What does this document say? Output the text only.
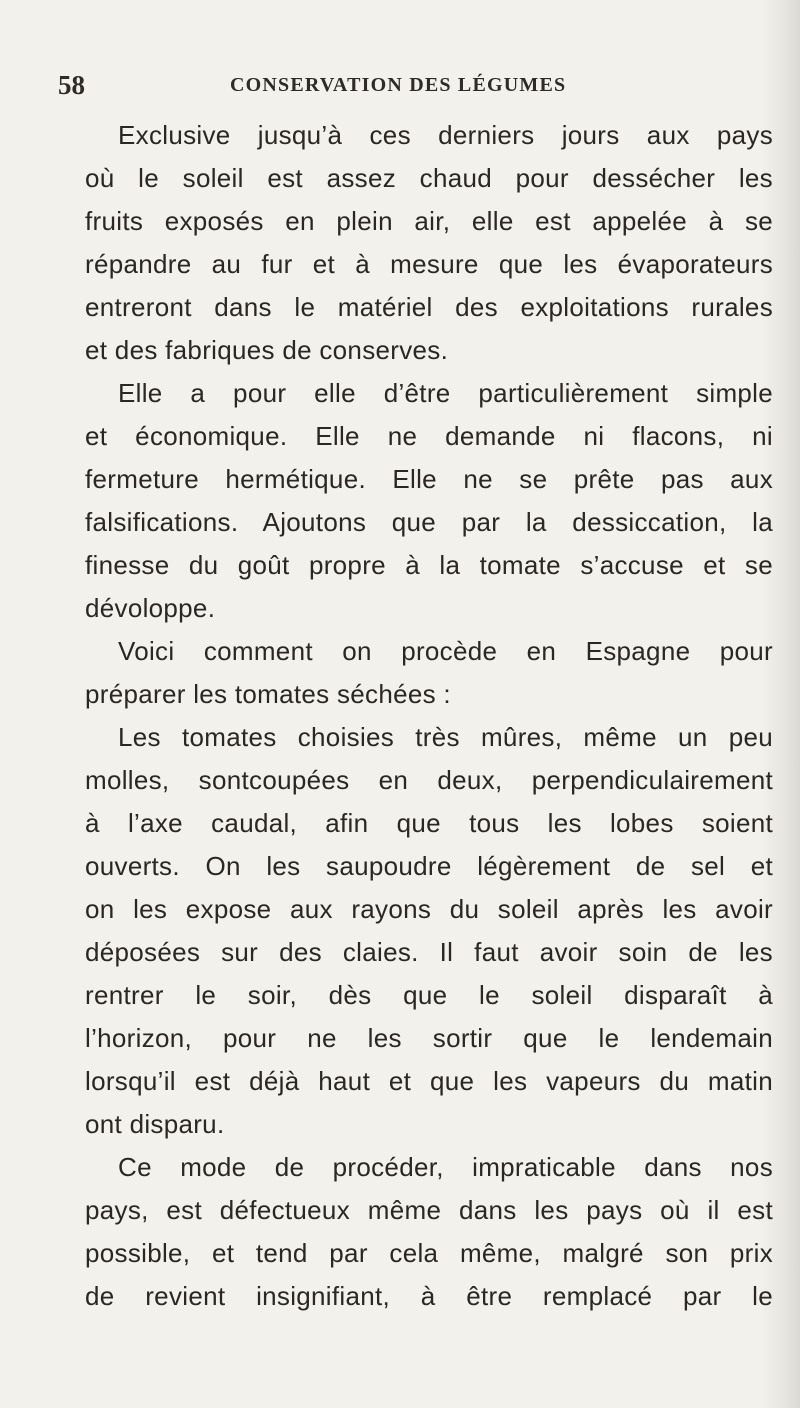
58	CONSERVATION DES LÉGUMES
Exclusive jusqu’à ces derniers jours aux pays
où le soleil est assez chaud pour dessécher les
fruits exposés en plein air, elle est appelée à se
répandre au fur et à mesure que les évaporateurs
entreront dans le matériel des exploitations rurales
et des fabriques de conserves.
Elle a pour elle d’être particulièrement simple
et économique. Elle ne demande ni flacons, ni
fermeture hermétique. Elle ne se prête pas aux
falsifications. Ajoutons que par la dessiccation, la
finesse du goût propre à la tomate s’accuse et se
dévoloppe.
Voici comment on procède en Espagne pour
préparer les tomates séchées :
Les tomates choisies très mûres, même un peu
molles, sontcoupées en deux, perpendiculairement
à l’axe caudal, afin que tous les lobes soient
ouverts. On les saupoudre légèrement de sel et
on les expose aux rayons du soleil après les avoir
déposées sur des claies. Il faut avoir soin de les
rentrer le soir, dès que le soleil disparaît à
l’horizon, pour ne les sortir que le lendemain
lorsqu’il est déjà haut et que les vapeurs du matin
ont disparu.
Ce mode de procéder, impraticable dans nos
pays, est défectueux même dans les pays où il est
possible, et tend par cela même, malgré son prix
de revient insignifiant, à être remplacé par le
